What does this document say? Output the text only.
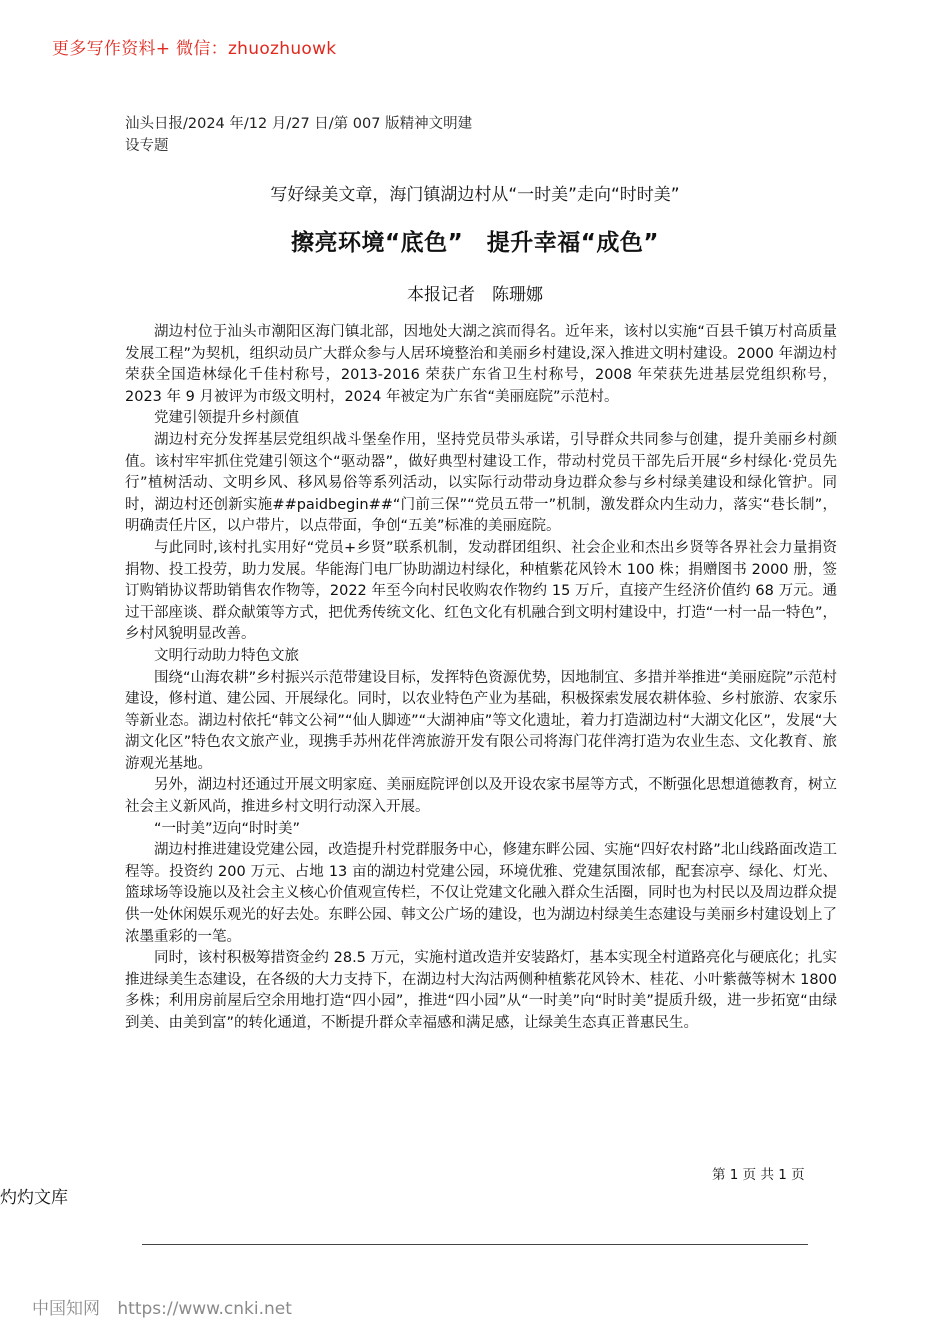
更多写作资料+ 微信：zhuozhuowk
汕头日报/2024 年/12 月/27 日/第 007 版精神文明建设专题
写好绿美文章，海门镇湖边村从“一时美”走向“时时美”
擦亮环境“底色”　提升幸福“成色”
本报记者　陈珊娜

湖边村位于汕头市潮阳区海门镇北部，因地处大湖之滨而得名。近年来，该村以实施“百县千镇万村高质量发展工程”为契机，组织动员广大群众参与人居环境整治和美丽乡村建设,深入推进文明村建设。2000 年湖边村荣获全国造林绿化千佳村称号，2013-2016 荣获广东省卫生村称号，2008 年荣获先进基层党组织称号，2023 年 9 月被评为市级文明村，2024 年被定为广东省“美丽庭院”示范村。

党建引领提升乡村颜值

湖边村充分发挥基层党组织战斗堡垒作用，坚持党员带头承诺，引导群众共同参与创建，提升美丽乡村颜值。该村牢牢抓住党建引领这个“驱动器”，做好典型村建设工作，带动村党员干部先后开展“乡村绿化·党员先行”植树活动、文明乡风、移风易俗等系列活动，以实际行动带动身边群众参与乡村绿美建设和绿化管护。同时，湖边村还创新实施##paidbegin##“门前三保”“党员五带一”机制，激发群众内生动力，落实“巷长制”，明确责任片区，以户带片，以点带面，争创“五美”标准的美丽庭院。

与此同时,该村扎实用好“党员+乡贤”联系机制，发动群团组织、社会企业和杰出乡贤等各界社会力量捐资捐物、投工投劳，助力发展。华能海门电厂协助湖边村绿化，种植紫花风铃木 100 株；捐赠图书 2000 册，签订购销协议帮助销售农作物等，2022 年至今向村民收购农作物约 15 万斤，直接产生经济价值约 68 万元。通过干部座谈、群众献策等方式，把优秀传统文化、红色文化有机融合到文明村建设中，打造“一村一品一特色”，乡村风貌明显改善。

文明行动助力特色文旅

围绕“山海农耕”乡村振兴示范带建设目标，发挥特色资源优势，因地制宜、多措并举推进“美丽庭院”示范村建设，修村道、建公园、开展绿化。同时，以农业特色产业为基础，积极探索发展农耕体验、乡村旅游、农家乐等新业态。湖边村依托“韩文公祠”“仙人脚迹”“大湖神庙”等文化遗址，着力打造湖边村“大湖文化区”，发展“大湖文化区”特色农文旅产业，现携手苏州花伴湾旅游开发有限公司将海门花伴湾打造为农业生态、文化教育、旅游观光基地。

另外，湖边村还通过开展文明家庭、美丽庭院评创以及开设农家书屋等方式，不断强化思想道德教育，树立社会主义新风尚，推进乡村文明行动深入开展。

“一时美”迈向“时时美”

湖边村推进建设党建公园，改造提升村党群服务中心，修建东畔公园、实施“四好农村路”北山线路面改造工程等。投资约 200 万元、占地 13 亩的湖边村党建公园，环境优雅、党建氛围浓郁，配套凉亭、绿化、灯光、篮球场等设施以及社会主义核心价值观宣传栏，不仅让党建文化融入群众生活圈，同时也为村民以及周边群众提供一处休闲娱乐观光的好去处。东畔公园、韩文公广场的建设，也为湖边村绿美生态建设与美丽乡村建设划上了浓墨重彩的一笔。

同时，该村积极筹措资金约 28.5 万元，实施村道改造并安装路灯，基本实现全村道路亮化与硬底化；扎实推进绿美生态建设，在各级的大力支持下，在湖边村大沟沽两侧种植紫花风铃木、桂花、小叶紫薇等树木 1800 多株；利用房前屋后空余用地打造“四小园”，推进“四小园”从“一时美”向“时时美”提质升级，进一步拓宽“由绿到美、由美到富”的转化通道，不断提升群众幸福感和满足感，让绿美生态真正普惠民生。

第 1 页 共 1 页
灼灼文库
中国知网 https://www.cnki.net
